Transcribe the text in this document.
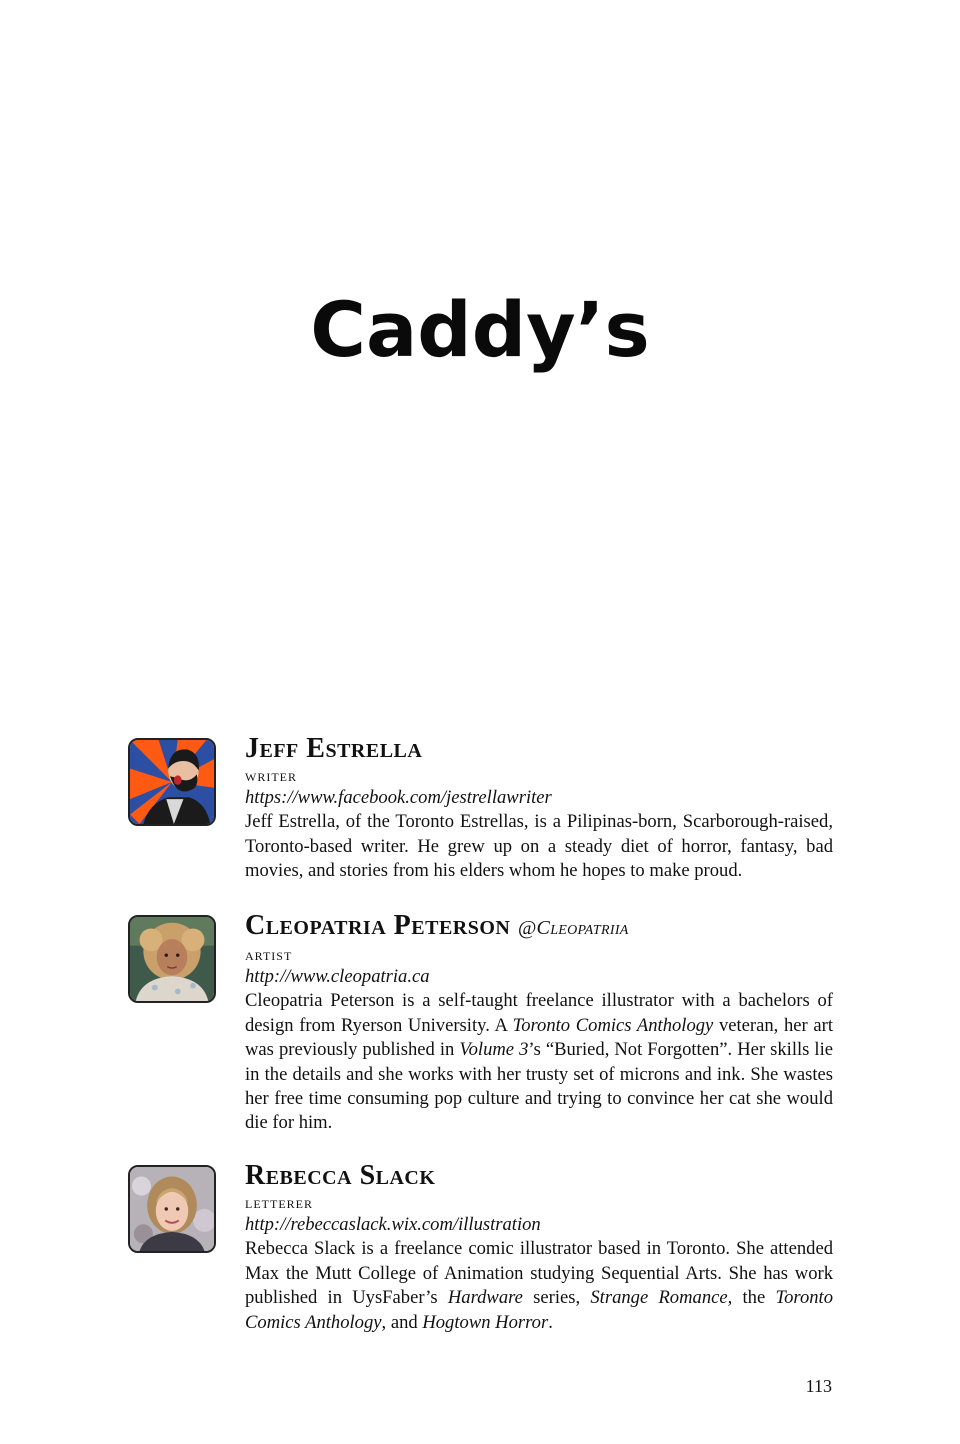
Caddy’s
Jeff Estrella
writer
https://www.facebook.com/jestrellawriter
Jeff Estrella, of the Toronto Estrellas, is a Pilipinas-born, Scarborough-raised, Toronto-based writer. He grew up on a steady diet of horror, fantasy, bad movies, and stories from his elders whom he hopes to make proud.
Cleopatria Peterson @Cleopatriia
artist
http://www.cleopatria.ca
Cleopatria Peterson is a self-taught freelance illustrator with a bachelors of design from Ryerson University. A Toronto Comics Anthology veteran, her art was previously published in Volume 3’s “Buried, Not Forgotten”. Her skills lie in the details and she works with her trusty set of microns and ink. She wastes her free time consuming pop culture and trying to convince her cat she would die for him.
Rebecca Slack
letterer
http://rebeccaslack.wix.com/illustration
Rebecca Slack is a freelance comic illustrator based in Toronto. She attended Max the Mutt College of Animation studying Sequential Arts. She has work published in UysFaber’s Hardware series, Strange Romance, the Toronto Comics Anthology, and Hogtown Horror.
113
